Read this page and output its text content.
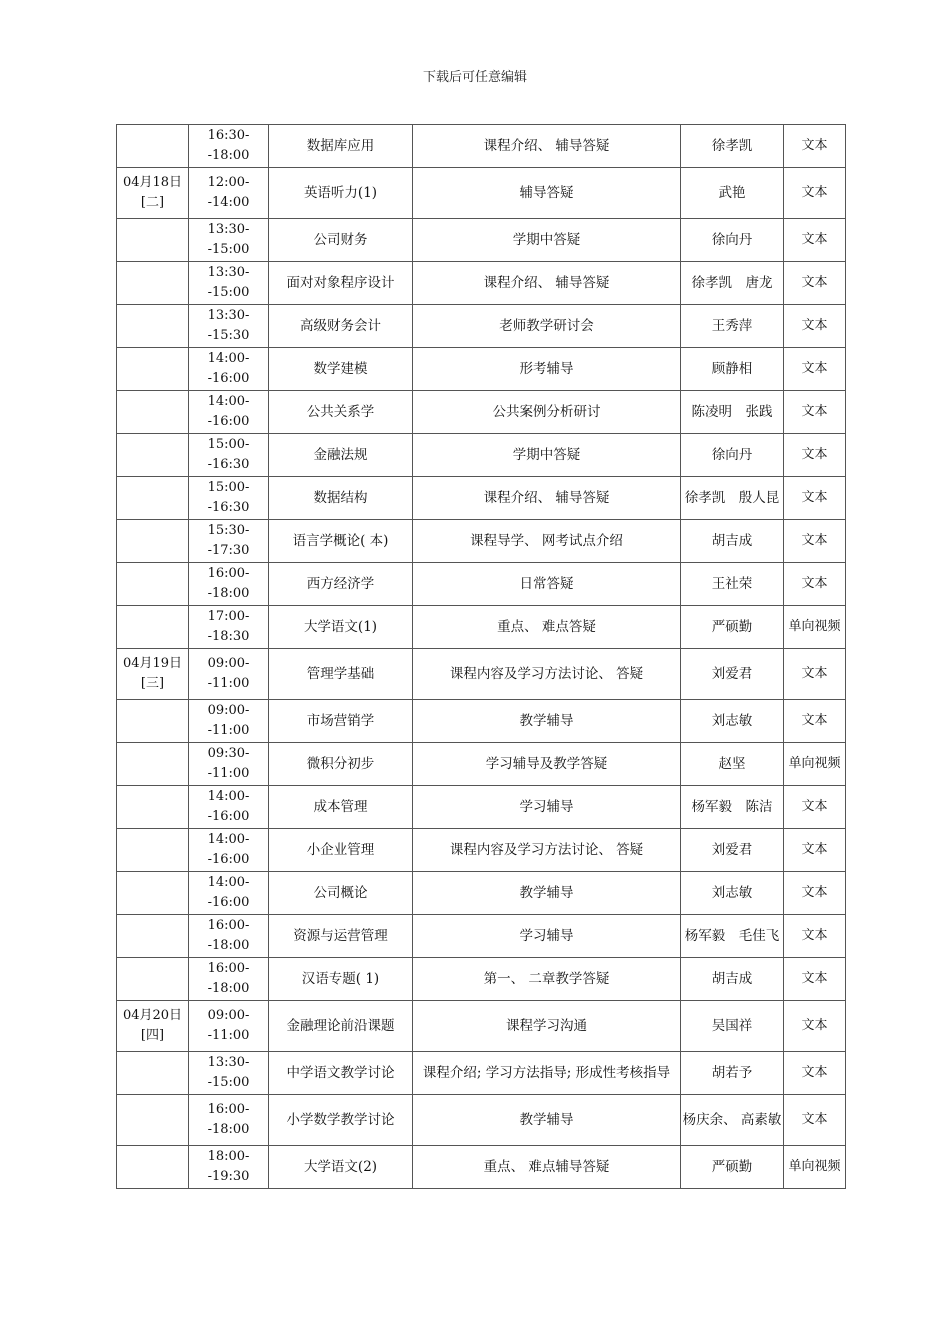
下载后可任意编辑
	16:30--18:00	数据库应用	课程介绍、 辅导答疑	徐孝凯	文本

04月18日
[二]	12:00--14:00	英语听力(1)	辅导答疑	武艳	文本

	13:30--15:00	公司财务	学期中答疑	徐向丹	文本

	13:30--15:00	面对对象程序设计	课程介绍、 辅导答疑	徐孝凯　唐龙	文本

	13:30--15:30	高级财务会计	老师教学研讨会	王秀萍	文本

	14:00--16:00	数学建模	形考辅导	顾静相	文本

	14:00--16:00	公共关系学	公共案例分析研讨	陈凌明　张践	文本

	15:00--16:30	金融法规	学期中答疑	徐向丹	文本

	15:00--16:30	数据结构	课程介绍、 辅导答疑	徐孝凯　殷人昆	文本

	15:30--17:30	语言学概论( 本)	课程导学、 网考试点介绍	胡吉成	文本

	16:00--18:00	西方经济学	日常答疑	王社荣	文本

	17:00--18:30	大学语文(1)	重点、 难点答疑	严硕勤	单向视频

04月19日
[三]	09:00--11:00	管理学基础	课程内容及学习方法讨论、 答疑	刘爱君	文本

	09:00--11:00	市场营销学	教学辅导	刘志敏	文本

	09:30--11:00	微积分初步	学习辅导及教学答疑	赵坚	单向视频

	14:00--16:00	成本管理	学习辅导	杨军毅　陈洁	文本

	14:00--16:00	小企业管理	课程内容及学习方法讨论、 答疑	刘爱君	文本

	14:00--16:00	公司概论	教学辅导	刘志敏	文本

	16:00--18:00	资源与运营管理	学习辅导	杨军毅　毛佳飞	文本

	16:00--18:00	汉语专题( 1)	第一、 二章教学答疑	胡吉成	文本

04月20日
[四]	09:00--11:00	金融理论前沿课题	课程学习沟通	吴国祥	文本

	13:30--15:00	中学语文教学讨论	课程介绍; 学习方法指导; 形成性考核指导	胡若予	文本

	16:00--18:00	小学数学教学讨论	教学辅导	杨庆余、 高素敏	文本

	18:00--19:30	大学语文(2)	重点、 难点辅导答疑	严硕勤	单向视频
